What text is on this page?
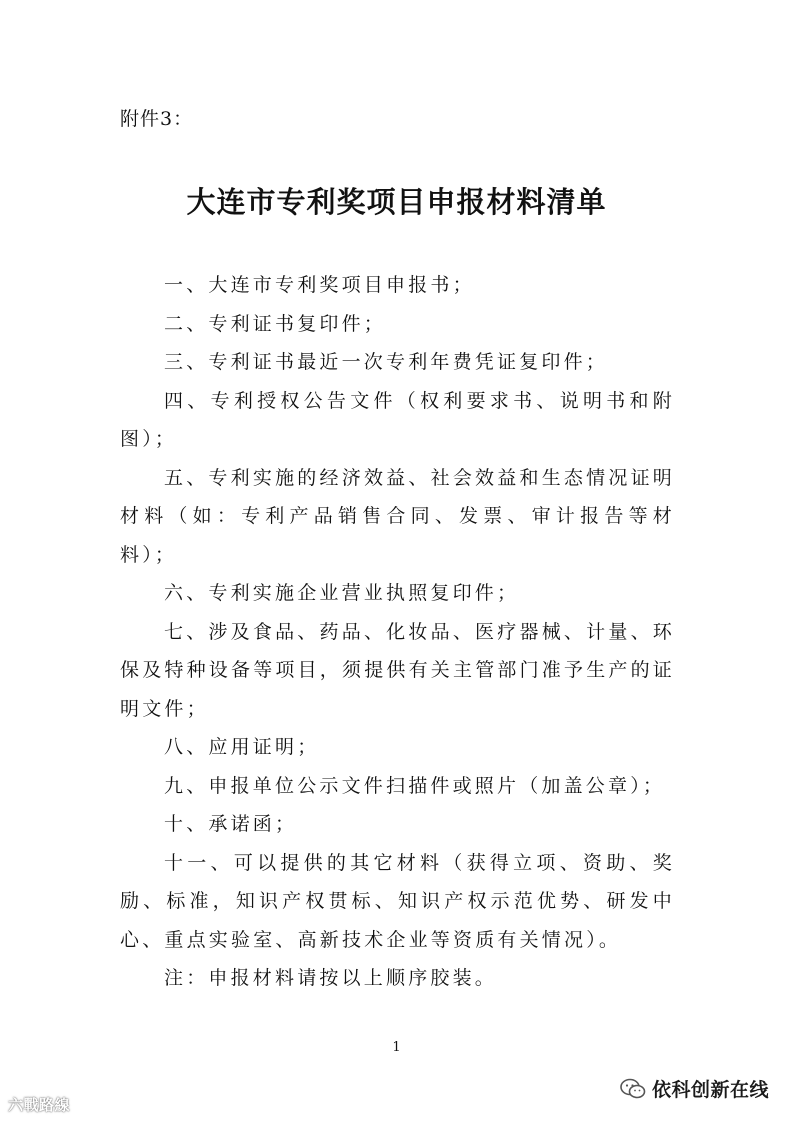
附件3：
大连市专利奖项目申报材料清单

一、大连市专利奖项目申报书；

二、专利证书复印件；

三、专利证书最近一次专利年费凭证复印件；

四、专利授权公告文件（权利要求书、说明书和附图）；

五、专利实施的经济效益、社会效益和生态情况证明材料（如：专利产品销售合同、发票、审计报告等材料）；

六、专利实施企业营业执照复印件；

七、涉及食品、药品、化妆品、医疗器械、计量、环保及特种设备等项目，须提供有关主管部门准予生产的证明文件；

八、应用证明；

九、申报单位公示文件扫描件或照片（加盖公章）；

十、承诺函；

十一、可以提供的其它材料（获得立项、资助、奖励、标准，知识产权贯标、知识产权示范优势、研发中心、重点实验室、高新技术企业等资质有关情况）。

注：申报材料请按以上顺序胶装。

1
六戰路線
依科创新在线
